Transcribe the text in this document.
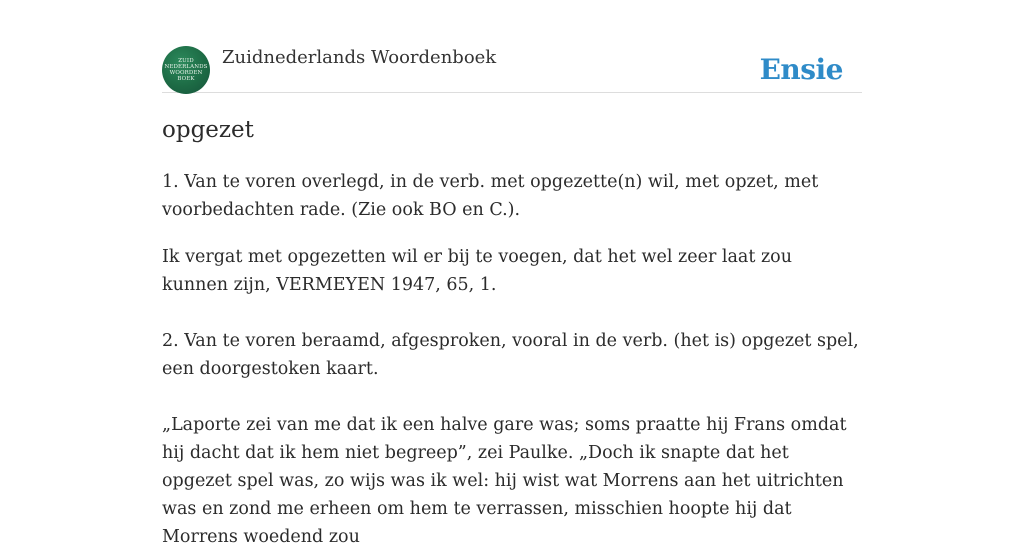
ZUID
NEDERLANDS
WOORDEN
BOEK
Zuidnederlands Woordenboek	Ensie
opgezet

1. Van te voren overlegd, in de verb. met opgezette(n) wil, met opzet, met voorbedachten rade. (Zie ook BO en C.).

Ik vergat met opgezetten wil er bij te voegen, dat het wel zeer laat zou kunnen zijn, VERMEYEN 1947, 65, 1.

2. Van te voren beraamd, afgesproken, vooral in de verb. (het is) opgezet spel, een doorgestoken kaart.

„Laporte zei van me dat ik een halve gare was; soms praatte hij Frans omdat hij dacht dat ik hem niet begreep”, zei Paulke. „Doch ik snapte dat het opgezet spel was, zo wijs was ik wel: hij wist wat Morrens aan het uitrichten was en zond me erheen om hem te verrassen, misschien hoopte hij dat Morrens woedend zou
